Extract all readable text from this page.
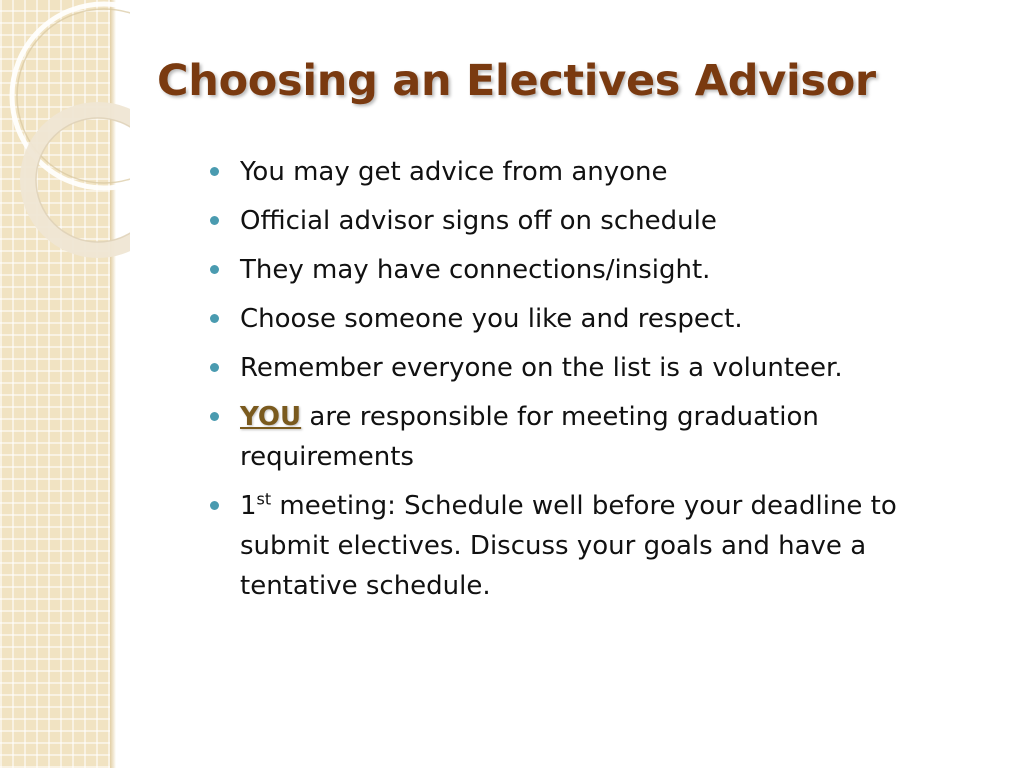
Choosing an Electives Advisor
You may get advice from anyone
Official advisor signs off on schedule
They may have connections/insight.
Choose someone you like and respect.
Remember everyone on the list is a volunteer.
YOU are responsible for meeting graduation requirements
1st meeting: Schedule well before your deadline to submit electives. Discuss your goals and have a tentative schedule.
